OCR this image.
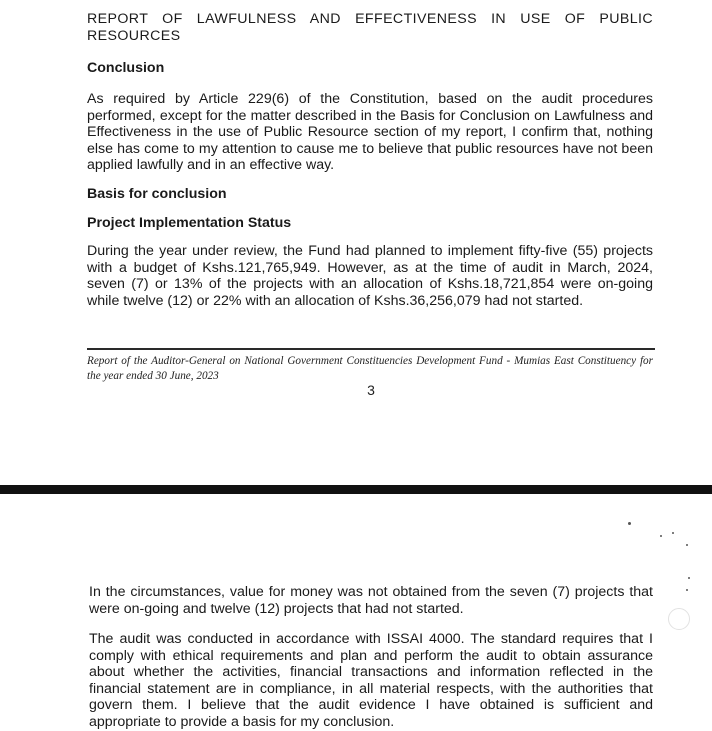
REPORT OF LAWFULNESS AND EFFECTIVENESS IN USE OF PUBLIC RESOURCES

Conclusion

As required by Article 229(6) of the Constitution, based on the audit procedures performed, except for the matter described in the Basis for Conclusion on Lawfulness and Effectiveness in the use of Public Resource section of my report, I confirm that, nothing else has come to my attention to cause me to believe that public resources have not been applied lawfully and in an effective way.

Basis for conclusion

Project Implementation Status

During the year under review, the Fund had planned to implement fifty-five (55) projects with a budget of Kshs.121,765,949. However, as at the time of audit in March, 2024, seven (7) or 13% of the projects with an allocation of Kshs.18,721,854 were on-going while twelve (12) or 22% with an allocation of Kshs.36,256,079 had not started.

Report of the Auditor-General on National Government Constituencies Development Fund - Mumias East Constituency for the year ended 30 June, 2023

3

In the circumstances, value for money was not obtained from the seven (7) projects that were on-going and twelve (12) projects that had not started.

The audit was conducted in accordance with ISSAI 4000. The standard requires that I comply with ethical requirements and plan and perform the audit to obtain assurance about whether the activities, financial transactions and information reflected in the financial statement are in compliance, in all material respects, with the authorities that govern them. I believe that the audit evidence I have obtained is sufficient and appropriate to provide a basis for my conclusion.
